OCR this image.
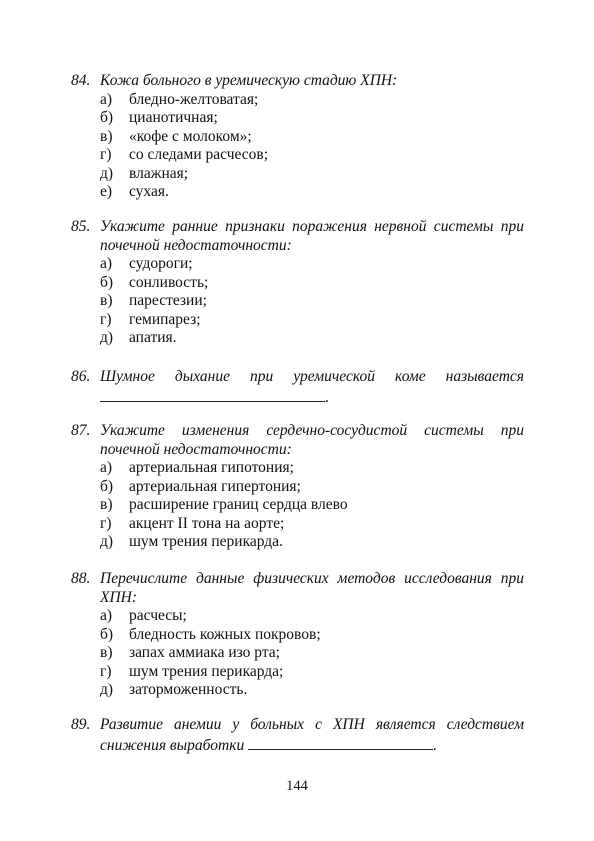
84. Кожа больного в уремическую стадию ХПН:
а) бледно-желтоватая;
б) цианотичная;
в) «кофе с молоком»;
г) со следами расчесов;
д) влажная;
е) сухая.
85. Укажите ранние признаки поражения нервной системы при почечной недостаточности:
а) судороги;
б) сонливость;
в) парестезии;
г) гемипарез;
д) апатия.
86. Шумное дыхание при уремической коме называется
.
87. Укажите изменения сердечно-сосудистой системы при почечной недостаточности:
а) артериальная гипотония;
б) артериальная гипертония;
в) расширение границ сердца влево
г) акцент II тона на аорте;
д) шум трения перикарда.
88. Перечислите данные физических методов исследования при ХПН:
а) расчесы;
б) бледность кожных покровов;
в) запах аммиака изо рта;
г) шум трения перикарда;
д) заторможенность.
89. Развитие анемии у больных с ХПН является следствием снижения выработки	.
144
